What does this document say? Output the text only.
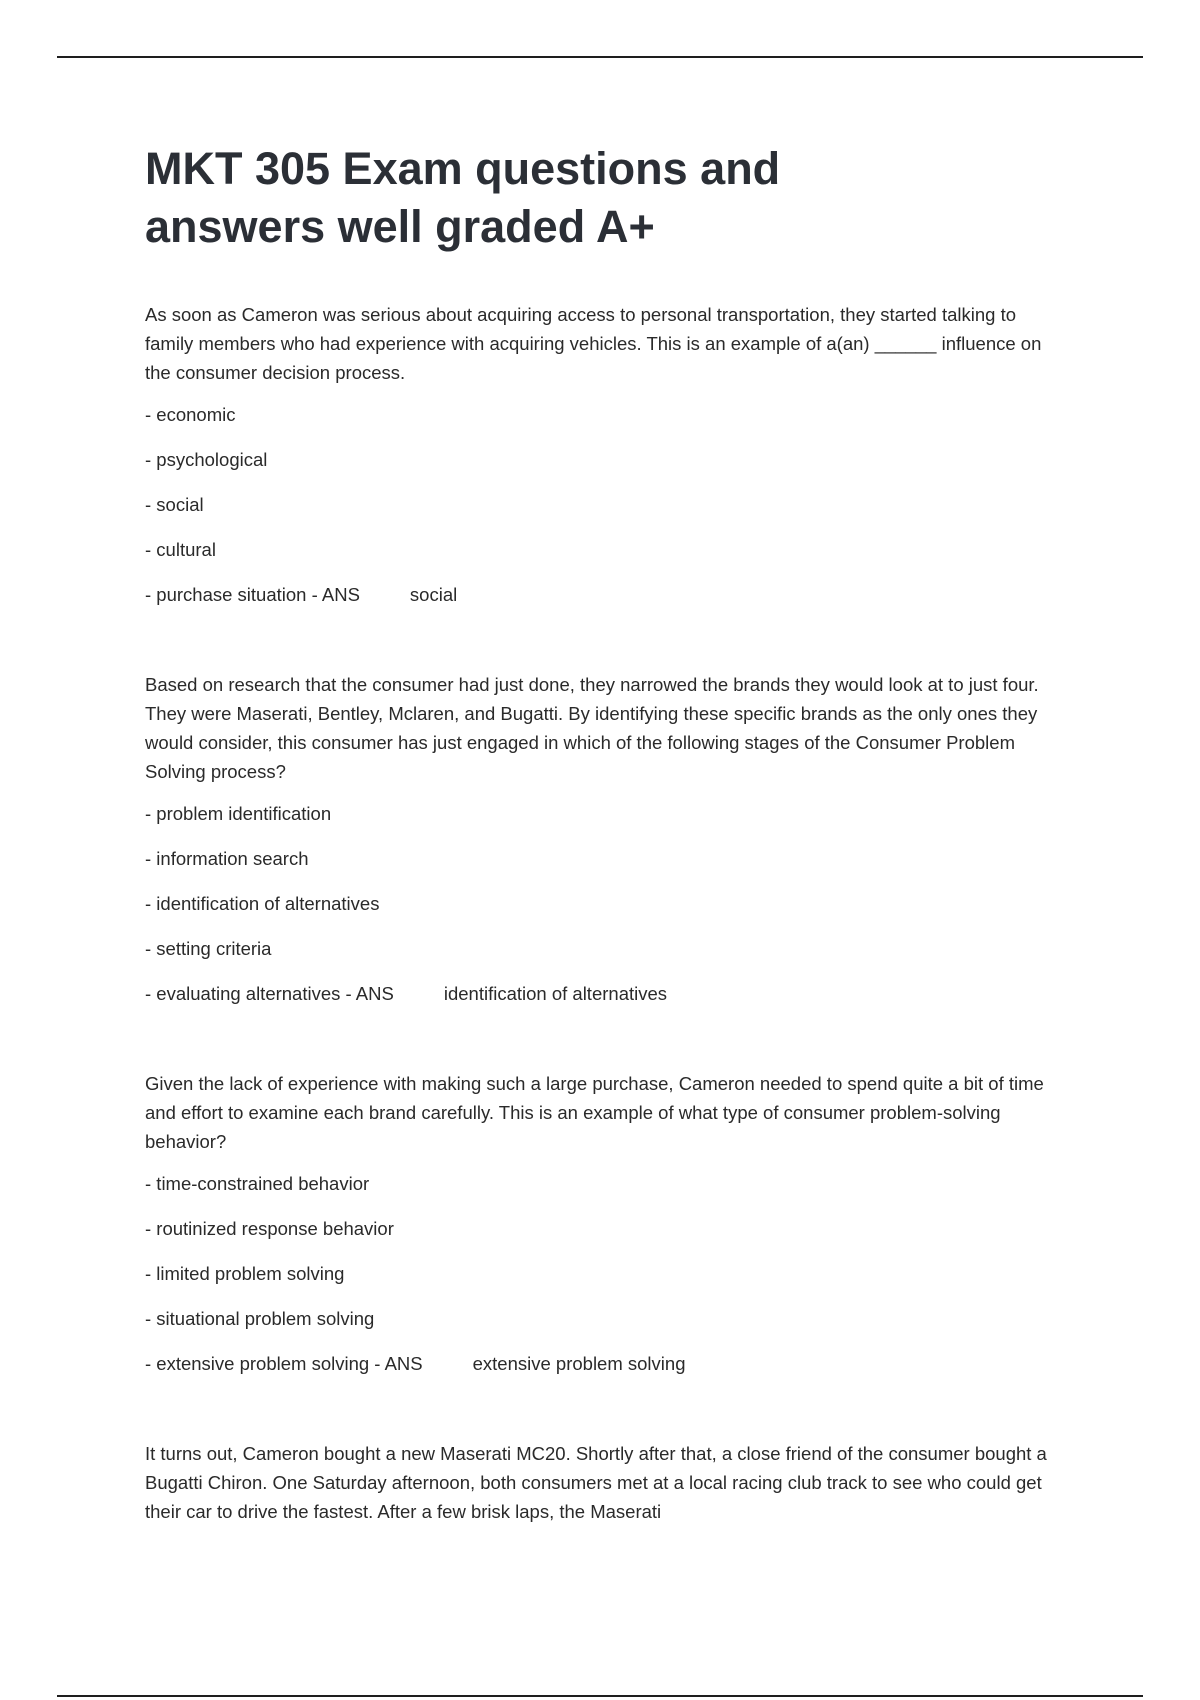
MKT 305 Exam questions and answers well graded A+

As soon as Cameron was serious about acquiring access to personal transportation, they started talking to family members who had experience with acquiring vehicles. This is an example of a(an) ______ influence on the consumer decision process.

- economic
- psychological
- social
- cultural
- purchase situation - ANS	social

Based on research that the consumer had just done, they narrowed the brands they would look at to just four. They were Maserati, Bentley, Mclaren, and Bugatti. By identifying these specific brands as the only ones they would consider, this consumer has just engaged in which of the following stages of the Consumer Problem Solving process?

- problem identification
- information search
- identification of alternatives
- setting criteria
- evaluating alternatives - ANS	identification of alternatives

Given the lack of experience with making such a large purchase, Cameron needed to spend quite a bit of time and effort to examine each brand carefully. This is an example of what type of consumer problem-solving behavior?

- time-constrained behavior
- routinized response behavior
- limited problem solving
- situational problem solving
- extensive problem solving - ANS	extensive problem solving

It turns out, Cameron bought a new Maserati MC20. Shortly after that, a close friend of the consumer bought a Bugatti Chiron. One Saturday afternoon, both consumers met at a local racing club track to see who could get their car to drive the fastest. After a few brisk laps, the Maserati
